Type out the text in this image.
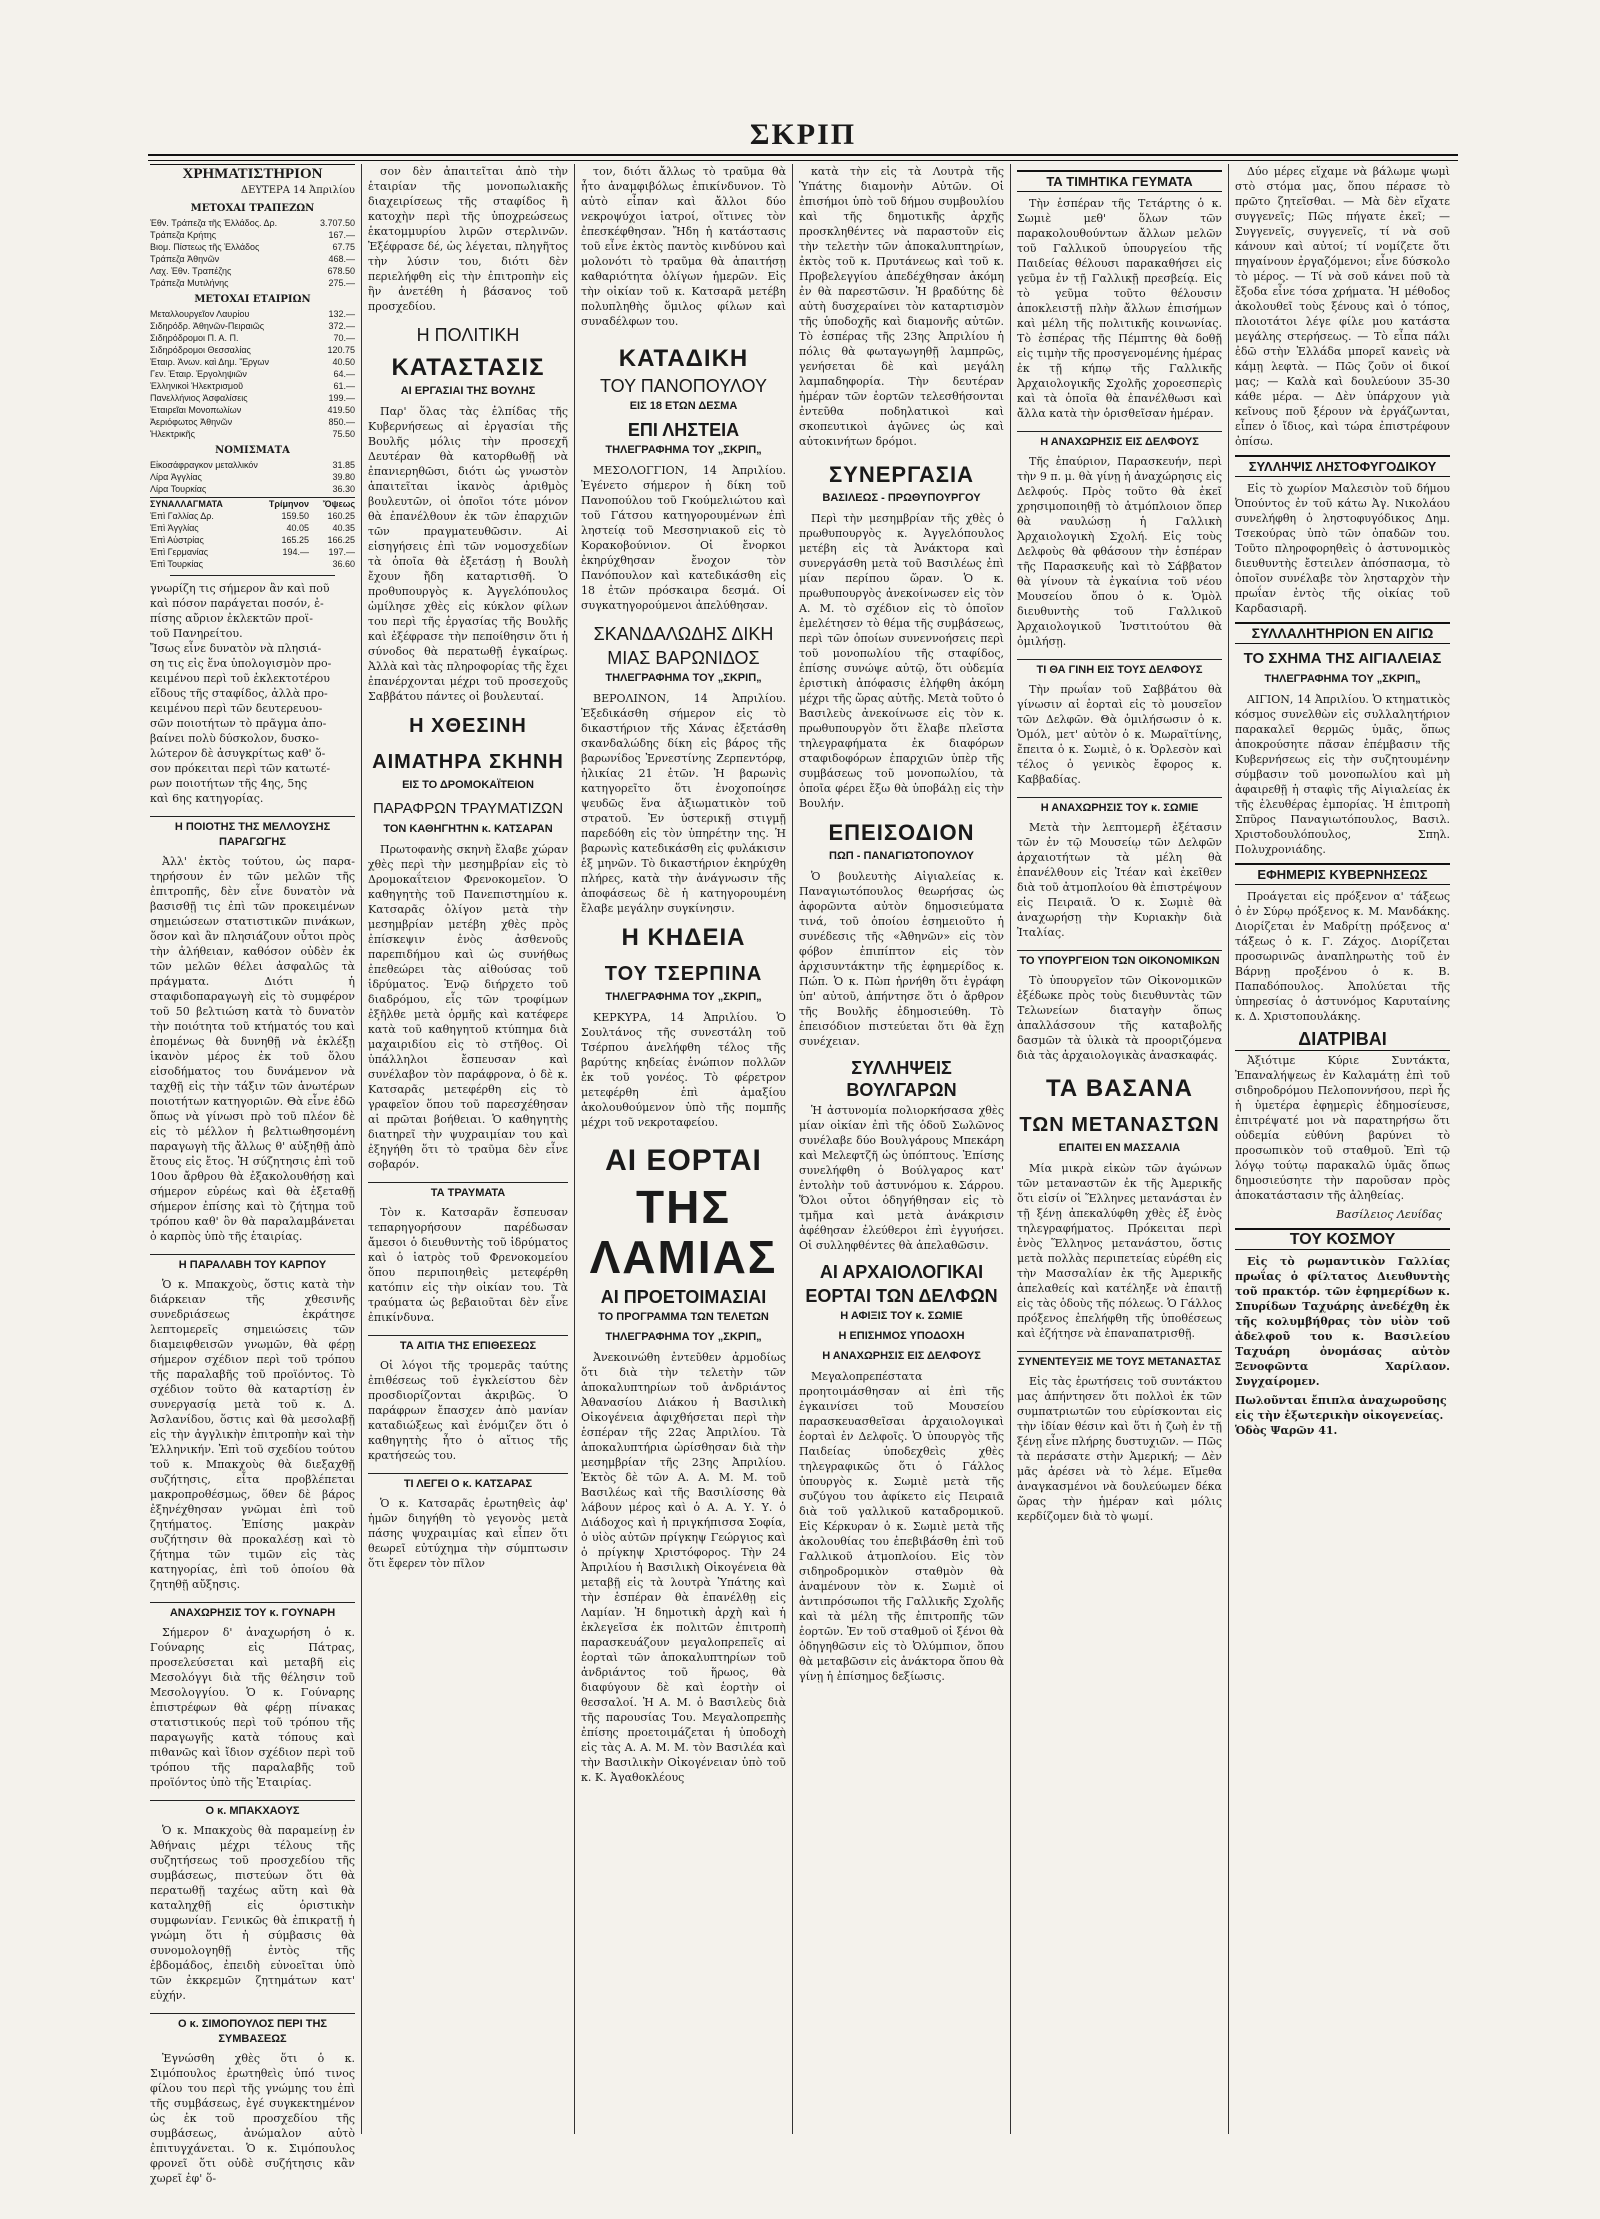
ΣΚΡΙΠ
ΧΡΗΜΑΤΙΣΤΗΡΙΟΝ
ΔΕΥΤΕΡΑ 14 Ἀπριλίου
ΜΕΤΟΧΑΙ ΤΡΑΠΕΖΩΝ
Ἐθν. Τράπεζα τῆς Ἑλλάδος. Δρ.	3.707.50
Τράπεζα Κρήτης	167.—
Βιομ. Πίστεως τῆς Ἑλλάδος	67.75
Τράπεζα Ἀθηνῶν	468.—
Λαχ. Ἐθν. Τραπέζης	678.50
Τράπεζα Μυτιλήνης	275.—
ΜΕΤΟΧΑΙ ΕΤΑΙΡΙΩΝ
Μεταλλουργεῖον Λαυρίου	132.—
Σιδηρόδρ. Ἀθηνῶν-Πειραιῶς	372.—
Σιδηρόδρομοι Π. Α. Π.	70.—
Σιδηρόδρομοι Θεσσαλίας	120.75
Ἑταιρ. Ἀνων. καὶ Δημ. Ἔργων	40.50
Γεν. Ἑταιρ. Ἐργοληψιῶν	64.—
Ἑλληνικοὶ Ἠλεκτρισμοῦ	61.—
Πανελλήνιος Ἀσφαλίσεις	199.—
Ἑταιρεῖαι Μονοπωλίων	419.50
Ἀεριόφωτος Ἀθηνῶν	850.—
Ἠλεκτρικῆς	75.50
ΝΟΜΙΣΜΑΤΑ
Εἰκοσάφραγκον μεταλλικόν	31.85
Λίρα Ἀγγλίας	39.80
Λίρα Τουρκίας	36.30
ΣΥΝΑΛΛΑΓΜΑΤΑ	Τρίμηνον	Ὄψεως
Ἐπὶ Γαλλίας Δρ.	159.50	160.25
Ἐπὶ Ἀγγλίας	40.05	40.35
Ἐπὶ Αὐστρίας	165.25	166.25
Ἐπὶ Γερμανίας	194.—	197.—
Ἐπὶ Τουρκίας	36.60
γνωρίζη τις σήμερον ἂν καὶ ποῦ
καὶ πόσον παράγεται ποσόν, ἐ-
πίσης αὔριον ἐκλεκτῶν προϊ-
τοῦ Πανηρείτου.
Ἴσως εἶνε δυνατὸν νὰ πλησιά-
ση τις εἰς ἕνα ὑπολογισμὸν προ-
κειμένου περὶ τοῦ ἐκλεκτοτέρου
εἴδους τῆς σταφίδος, ἀλλὰ προ-
κειμένου περὶ τῶν δευτερευου-
σῶν ποιοτήτων τὸ πρᾶγμα ἀπο-
βαίνει πολὺ δύσκολον, δυσκο-
λώτερον δὲ ἀσυγκρίτως καθ' ὅ-
σον πρόκειται περὶ τῶν κατωτέ-
ρων ποιοτήτων τῆς 4ης, 5ης
καὶ 6ης κατηγορίας.
Η ΠΟΙΟΤΗΣ ΤΗΣ ΜΕΛΛΟΥΣΗΣ ΠΑΡΑΓΩΓΗΣ

Ἀλλ' ἐκτὸς τούτου, ὡς παρα-τηρήσουν ἐν τῶν μελῶν τῆς ἐπιτροπῆς, δὲν εἶνε δυνατὸν νὰ βασισθῇ τις ἐπὶ τῶν προκειμένων σημειώσεων στατιστικῶν πινάκων, ὅσον καὶ ἂν πλησιάζουν οὗτοι πρὸς τὴν ἀλήθειαν, καθόσον οὐδὲν ἐκ τῶν μελῶν θέλει ἀσφαλῶς τὰ πράγματα. Διότι ἡ σταφιδοπαραγωγὴ εἰς τὸ συμφέρον τοῦ 50 βελτιώση κατὰ τὸ δυνατὸν τὴν ποιότητα τοῦ κτήματός του καὶ ἐπομένως θὰ δυνηθῇ νὰ ἐκλέξῃ ἱκανὸν μέρος ἐκ τοῦ ὅλου εἰσοδήματος του δυνάμενον νὰ ταχθῇ εἰς τὴν τάξιν τῶν ἀνωτέρων ποιοτήτων κατηγοριῶν. Θὰ εἶνε ἐδῶ ὅπως νὰ γίνωσι πρὸ τοῦ πλέον δὲ εἰς τὸ μέλλον ἡ βελτιωθησομένη παραγωγὴ τῆς ἄλλως θ' αὐξηθῇ ἀπὸ ἔτους εἰς ἔτος. Ἡ σύζητησις ἐπὶ τοῦ 10ου ἄρθρου θὰ ἐξακολουθήσῃ καὶ σήμερον εὐρέως καὶ θὰ ἐξεταθῇ σήμερον ἐπίσης καὶ τὸ ζήτημα τοῦ τρόπου καθ' ὃν θὰ παραλαμβάνεται ὁ καρπὸς ὑπὸ τῆς ἑταιρίας.

Η ΠΑΡΑΛΑΒΗ ΤΟΥ ΚΑΡΠΟΥ

Ὁ κ. Μπακχοὺς, ὅστις κατὰ τὴν διάρκειαν τῆς χθεσινῆς συνεδριάσεως ἐκράτησε λεπτομερεῖς σημειώσεις τῶν διαμειφθεισῶν γνωμῶν, θὰ φέρῃ σήμερον σχέδιον περὶ τοῦ τρόπου τῆς παραλαβῆς τοῦ προϊόντος. Τὸ σχέδιον τοῦτο θὰ καταρτίσῃ ἐν συνεργασίᾳ μετὰ τοῦ κ. Δ. Ἀσλανίδου, ὅστις καὶ θὰ μεσολαβῇ εἰς τὴν ἀγγλικὴν ἐπιτροπὴν καὶ τὴν Ἑλληνικήν. Ἐπὶ τοῦ σχεδίου τούτου τοῦ κ. Μπακχοὺς θὰ διεξαχθῇ συζήτησις, εἶτα προβλέπεται μακροπροθέσμως, ὅθεν δὲ βάρος ἐξηνέχθησαν γνῶμαι ἐπὶ τοῦ ζητήματος. Ἐπίσης μακρὰν συζήτησιν θὰ προκαλέσῃ καὶ τὸ ζήτημα τῶν τιμῶν εἰς τὰς κατηγορίας, ἐπὶ τοῦ ὁποίου θὰ ζητηθῇ αὔξησις.

ΑΝΑΧΩΡΗΣΙΣ ΤΟΥ κ. ΓΟΥΝΑΡΗ

Σήμερον δ' ἀναχωρήση ὁ κ. Γούναρης εἰς Πάτρας, προσελεύσεται καὶ μεταβῆ εἰς Μεσολόγγι διὰ τῆς θέλησιν τοῦ Μεσολογγίου. Ὁ κ. Γούναρης ἐπιστρέφων θὰ φέρῃ πίνακας στατιστικούς περὶ τοῦ τρόπου τῆς παραγωγῆς κατὰ τόπους καὶ πιθανῶς καὶ ἴδιον σχέδιον περὶ τοῦ τρόπου τῆς παραλαβῆς τοῦ προϊόντος ὑπὸ τῆς Ἑταιρίας.

Ο κ. ΜΠΑΚΧΑΟΥΣ

Ὁ κ. Μπακχοὺς θὰ παραμείνῃ ἐν Ἀθήναις μέχρι τέλους τῆς συζητήσεως τοῦ προσχεδίου τῆς συμβάσεως, πιστεύων ὅτι θὰ περατωθῇ ταχέως αὕτη καὶ θὰ καταληχθῇ εἰς ὁριστικὴν συμφωνίαν. Γενικῶς θὰ ἐπικρατῇ ἡ γνώμη ὅτι ἡ σύμβασις θὰ συνομολογηθῇ ἐντὸς τῆς ἑβδομάδος, ἐπειδὴ εὐνοεῖται ὑπὸ τῶν ἐκκρεμῶν ζητημάτων κατ' εὐχήν.

Ο κ. ΣΙΜΟΠΟΥΛΟΣ ΠΕΡΙ ΤΗΣ ΣΥΜΒΑΣΕΩΣ

Ἐγνώσθη χθὲς ὅτι ὁ κ. Σιμόπουλος ἐρωτηθεὶς ὑπό τινος φίλου του περὶ τῆς γνώμης του ἐπὶ τῆς συμβάσεως, ἐγέ συγκεκτημένον ὡς ἐκ τοῦ προσχεδίου τῆς συμβάσεως, ἀνώμαλον αὐτὸ ἐπιτυγχάνεται. Ὁ κ. Σιμόπουλος φρονεῖ ὅτι οὐδὲ συζήτησις κἂν χωρεῖ ἐφ' ὅ-

σον δὲν ἀπαιτεῖται ἀπὸ τὴν ἑταιρίαν τῆς μονοπωλιακῆς διαχειρίσεως τῆς σταφίδος ἢ κατοχὴν περὶ τῆς ὑποχρεώσεως ἑκατομμυρίου λιρῶν στερλινῶν. Ἐξέφρασε δέ, ὡς λέγεται, πληγῆτος τὴν λύσιν του, διότι δὲν περιελήφθη εἰς τὴν ἐπιτροπὴν εἰς ἣν ἀνετέθη ἡ βάσανος τοῦ προσχεδίου.

Η ΠΟΛΙΤΙΚΗ
ΚΑΤΑΣΤΑΣΙΣ
ΑΙ ΕΡΓΑΣΙΑΙ ΤΗΣ ΒΟΥΛΗΣ

Παρ' ὅλας τὰς ἐλπίδας τῆς Κυβερνήσεως αἱ ἐργασίαι τῆς Βουλῆς μόλις τὴν προσεχῆ Δευτέραν θὰ κατορθωθῇ νὰ ἐπανιερηθῶσι, διότι ὡς γνωστὸν ἀπαιτεῖται ἱκανὸς ἀριθμὸς βουλευτῶν, οἱ ὁποῖοι τότε μόνον θὰ ἐπανέλθουν ἐκ τῶν ἐπαρχιῶν τῶν πραγματευθῶσιν. Αἱ εἰσηγήσεις ἐπὶ τῶν νομοσχεδίων τὰ ὁποῖα θὰ ἐξετάσῃ ἡ Βουλὴ ἔχουν ἤδη καταρτισθῆ. Ὁ προθυπουργὸς κ. Ἀγγελόπουλος ὡμίλησε χθὲς εἰς κύκλον φίλων του περὶ τῆς ἐργασίας τῆς Βουλῆς καὶ ἐξέφρασε τὴν πεποίθησιν ὅτι ἡ σύνοδος θὰ περατωθῇ ἐγκαίρως. Ἀλλὰ καὶ τὰς πληροφορίας τῆς ἔχει ἐπανέρχονται μέχρι τοῦ προσεχοῦς Σαββάτου πάντες οἱ βουλευταί.

Η ΧΘΕΣΙΝΗ
ΑΙΜΑΤΗΡΑ ΣΚΗΝΗ
ΕΙΣ ΤΟ ΔΡΟΜΟΚΑΪΤΕΙΟΝ
ΠΑΡΑΦΡΩΝ ΤΡΑΥΜΑΤΙΖΩΝ
ΤΟΝ ΚΑΘΗΓΗΤΗΝ κ. ΚΑΤΣΑΡΑΝ

Πρωτοφανὴς σκηνὴ ἔλαβε χώραν χθὲς περὶ τὴν μεσημβρίαν εἰς τὸ Δρομοκαΐτειον Φρενοκομεῖον. Ὁ καθηγητὴς τοῦ Πανεπιστημίου κ. Κατσαρᾶς ὀλίγον μετὰ τὴν μεσημβρίαν μετέβη χθὲς πρὸς ἐπίσκεψιν ἑνὸς ἀσθενοῦς παρεπιδήμου καὶ ὡς συνήθως ἐπεθεώρει τὰς αἰθούσας τοῦ ἱδρύματος. Ἐνῷ διήρχετο τοῦ διαδρόμου, εἷς τῶν τροφίμων ἐξῆλθε μετὰ ὁρμῆς καὶ κατέφερε κατὰ τοῦ καθηγητοῦ κτύπημα διὰ μαχαιριδίου εἰς τὸ στῆθος. Οἱ ὑπάλληλοι ἔσπευσαν καὶ συνέλαβον τὸν παράφρονα, ὁ δὲ κ. Κατσαρᾶς μετεφέρθη εἰς τὸ γραφεῖον ὅπου τοῦ παρεσχέθησαν αἱ πρῶται βοήθειαι. Ὁ καθηγητὴς διατηρεῖ τὴν ψυχραιμίαν του καὶ ἐξηγήθη ὅτι τὸ τραῦμα δὲν εἶνε σοβαρόν.

ΤΑ ΤΡΑΥΜΑΤΑ

Τὸν κ. Κατσαρᾶν ἔσπευσαν τεπαρηγορήσουν παρέδωσαν ἄμεσοι ὁ διευθυντὴς τοῦ ἱδρύματος καὶ ὁ ἰατρὸς τοῦ Φρενοκομείου ὅπου περιποιηθεὶς μετεφέρθη κατόπιν εἰς τὴν οἰκίαν του. Τὰ τραύματα ὡς βεβαιοῦται δὲν εἶνε ἐπικίνδυνα.

ΤΑ ΑΙΤΙΑ ΤΗΣ ΕΠΙΘΕΣΕΩΣ

Οἱ λόγοι τῆς τρομερᾶς ταύτης ἐπιθέσεως τοῦ ἐγκλείστου δὲν προσδιορίζονται ἀκριβῶς. Ὁ παράφρων ἔπασχεν ἀπὸ μανίαν καταδιώξεως καὶ ἐνόμιζεν ὅτι ὁ καθηγητὴς ἦτο ὁ αἴτιος τῆς κρατήσεώς του.

ΤΙ ΛΕΓΕΙ Ο κ. ΚΑΤΣΑΡΑΣ

Ὁ κ. Κατσαρᾶς ἐρωτηθεὶς ἀφ' ἡμῶν διηγήθη τὸ γεγονὸς μετὰ πάσης ψυχραιμίας καὶ εἶπεν ὅτι θεωρεῖ εὐτύχημα τὴν σύμπτωσιν ὅτι ἔφερεν τὸν πῖλον

τον, διότι ἄλλως τὸ τραῦμα θὰ ἦτο ἀναμφιβόλως ἐπικίνδυνον. Τὸ αὐτὸ εἶπαν καὶ ἄλλοι δύο νεκροψύχοι ἰατροί, οἵτινες τὸν ἐπεσκέφθησαν. Ἤδη ἡ κατάστασις τοῦ εἶνε ἐκτὸς παντὸς κινδύνου καὶ μολονότι τὸ τραῦμα θὰ ἀπαιτήσῃ καθαριότητα ὀλίγων ἡμερῶν. Εἰς τὴν οἰκίαν τοῦ κ. Κατσαρᾶ μετέβη πολυπληθὴς ὅμιλος φίλων καὶ συναδέλφων του.

ΚΑΤΑΔΙΚΗ
ΤΟΥ ΠΑΝΟΠΟΥΛΟΥ
ΕΙΣ 18 ΕΤΩΝ ΔΕΣΜΑ
ΕΠΙ ΛΗΣΤΕΙΑ
ΤΗΛΕΓΡΑΦΗΜΑ ΤΟΥ „ΣΚΡΙΠ„

ΜΕΣΟΛΟΓΓΙΟΝ, 14 Ἀπριλίου. Ἐγένετο σήμερον ἡ δίκη τοῦ Πανοπούλου τοῦ Γκούμελιώτου καὶ τοῦ Γάτσου κατηγορουμένων ἐπὶ ληστείᾳ τοῦ Μεσσηνιακοῦ εἰς τὸ Κορακοβούνιον. Οἱ ἔνορκοι ἐκηρύχθησαν ἔνοχον τὸν Πανόπουλον καὶ κατεδικάσθη εἰς 18 ἐτῶν πρόσκαιρα δεσμά. Οἱ συγκατηγορούμενοι ἀπελύθησαν.

ΣΚΑΝΔΑΛΩΔΗΣ ΔΙΚΗ
ΜΙΑΣ ΒΑΡΩΝΙΔΟΣ
ΤΗΛΕΓΡΑΦΗΜΑ ΤΟΥ „ΣΚΡΙΠ„

ΒΕΡΟΛΙΝΟΝ, 14 Ἀπριλίου. Ἐξεδικάσθη σήμερον εἰς τὸ δικαστήριον τῆς Χάνας ἐξετάσθη σκανδαλώδης δίκη εἰς βάρος τῆς βαρωνίδος Ἐρνεστίνης Ζερπεντόρφ, ἡλικίας 21 ἐτῶν. Ἡ βαρωνὶς κατηγορεῖτο ὅτι ἐνοχοποίησε ψευδῶς ἕνα ἀξιωματικὸν τοῦ στρατοῦ. Ἐν ὑστερικῇ στιγμῇ παρεδόθη εἰς τὸν ὑπηρέτην της. Ἡ βαρωνὶς κατεδικάσθη εἰς φυλάκισιν ἑξ μηνῶν. Τὸ δικαστήριον ἐκηρύχθη πλήρες, κατὰ τὴν ἀνάγνωσιν τῆς ἀποφάσεως δὲ ἡ κατηγορουμένη ἔλαβε μεγάλην συγκίνησιν.

Η ΚΗΔΕΙΑ
ΤΟΥ ΤΣΕΡΠΙΝΑ
ΤΗΛΕΓΡΑΦΗΜΑ ΤΟΥ „ΣΚΡΙΠ„

ΚΕΡΚΥΡΑ, 14 Ἀπριλίου. Ὁ Σουλτάνος τῆς συνεστάλη τοῦ Τσέρπου ἀνελήφθη τέλος τῆς βαρύτης κηδείας ἑνώπιον πολλῶν ἐκ τοῦ γονέος. Τὸ φέρετρον μετεφέρθη ἐπὶ ἀμαξίου ἀκολουθούμενον ὑπὸ τῆς πομπῆς μέχρι τοῦ νεκροταφείου.

ΑΙ ΕΟΡΤΑΙ
ΤΗΣ ΛΑΜΙΑΣ
ΑΙ ΠΡΟΕΤΟΙΜΑΣΙΑΙ
ΤΟ ΠΡΟΓΡΑΜΜΑ ΤΩΝ ΤΕΛΕΤΩΝ
ΤΗΛΕΓΡΑΦΗΜΑ ΤΟΥ „ΣΚΡΙΠ„

Ἀνεκοινώθη ἐντεῦθεν ἀρμοδίως ὅτι διὰ τὴν τελετὴν τῶν ἀποκαλυπτηρίων τοῦ ἀνδριάντος Ἀθανασίου Διάκου ἡ Βασιλικὴ Οἰκογένεια ἀφιχθήσεται περὶ τὴν ἑσπέραν τῆς 22ας Ἀπριλίου. Τὰ ἀποκαλυπτήρια ὡρίσθησαν διὰ τὴν μεσημβρίαν τῆς 23ης Ἀπριλίου. Ἐκτὸς δὲ τῶν Α. Α. Μ. Μ. τοῦ Βασιλέως καὶ τῆς Βασιλίσσης θὰ λάβουν μέρος καὶ ὁ Α. Α. Υ. Υ. ὁ Διάδοχος καὶ ἡ πριγκήπισσα Σοφία, ὁ υἱὸς αὐτῶν πρίγκηψ Γεώργιος καὶ ὁ πρίγκηψ Χριστόφορος. Τὴν 24 Ἀπριλίου ἡ Βασιλικὴ Οἰκογένεια θὰ μεταβῇ εἰς τὰ λουτρὰ Ὑπάτης καὶ τὴν ἑσπέραν θὰ ἐπανέλθῃ εἰς Λαμίαν. Ἡ δημοτικὴ ἀρχὴ καὶ ἡ ἐκλεγεῖσα ἐκ πολιτῶν ἐπιτροπὴ παρασκευάζουν μεγαλοπρεπεῖς αἱ ἑορταὶ τῶν ἀποκαλυπτηρίων τοῦ ἀνδριάντος τοῦ ἥρωος, θὰ διαφύγουν δὲ καὶ ἑορτὴν οἱ θεσσαλοί. Ἡ Α. Μ. ὁ Βασιλεὺς διὰ τῆς παρουσίας Του. Μεγαλοπρεπὴς ἐπίσης προετοιμάζεται ἡ ὑποδοχὴ εἰς τὰς Α. Α. Μ. Μ. τὸν Βασιλέα καὶ τὴν Βασιλικὴν Οἰκογένειαν ὑπὸ τοῦ κ. Κ. Ἀγαθοκλέους

κατὰ τὴν εἰς τὰ Λουτρὰ τῆς Ὑπάτης διαμονὴν Αὐτῶν. Οἱ ἐπισήμοι ὑπὸ τοῦ δήμου συμβουλίου καὶ τῆς δημοτικῆς ἀρχῆς προσκληθέντες νὰ παραστοῦν εἰς τὴν τελετὴν τῶν ἀποκαλυπτηρίων, ἐκτὸς τοῦ κ. Πρυτάνεως καὶ τοῦ κ. Προβελεγγίου ἀπεδέχθησαν ἀκόμη ἐν θὰ παρεστῶσιν. Ἡ βραδύτης δὲ αὐτὴ δυσχεραίνει τὸν καταρτισμὸν τῆς ὑποδοχῆς καὶ διαμονῆς αὐτῶν. Τὸ ἑσπέρας τῆς 23ης Ἀπριλίου ἡ πόλις θὰ φωταγωγηθῇ λαμπρῶς, γενήσεται δὲ καὶ μεγάλη λαμπαδηφορία. Τὴν δευτέραν ἡμέραν τῶν ἑορτῶν τελεσθήσονται ἐντεῦθα ποδηλατικοὶ καὶ σκοπευτικοὶ ἀγῶνες ὡς καὶ αὐτοκινήτων δρόμοι.

ΣΥΝΕΡΓΑΣΙΑ
ΒΑΣΙΛΕΩΣ - ΠΡΩΘΥΠΟΥΡΓΟΥ

Περὶ τὴν μεσημβρίαν τῆς χθὲς ὁ πρωθυπουργὸς κ. Ἀγγελόπουλος μετέβη εἰς τὰ Ἀνάκτορα καὶ συνεργάσθη μετὰ τοῦ Βασιλέως ἐπὶ μίαν περίπου ὥραν. Ὁ κ. πρωθυπουργὸς ἀνεκοίνωσεν εἰς τὸν Α. Μ. τὸ σχέδιον εἰς τὸ ὁποῖον ἐμελέτησεν τὸ θέμα τῆς συμβάσεως, περὶ τῶν ὁποίων συνεννοήσεις περὶ τοῦ μονοπωλίου τῆς σταφίδος, ἐπίσης συνώψε αὐτῷ, ὅτι οὐδεμία ἐριστικὴ ἀπόφασις ἐλήφθη ἀκόμη μέχρι τῆς ὥρας αὐτῆς. Μετὰ τοῦτο ὁ Βασιλεὺς ἀνεκοίνωσε εἰς τὸν κ. πρωθυπουργὸν ὅτι ἔλαβε πλεῖστα τηλεγραφήματα ἐκ διαφόρων σταφιδοφόρων ἐπαρχιῶν ὑπὲρ τῆς συμβάσεως τοῦ μονοπωλίου, τὰ ὁποῖα φέρει ἔξω θὰ ὑποβάλῃ εἰς τὴν Βουλήν.

ΕΠΕΙΣΟΔΙΟΝ
ΠΩΠ - ΠΑΝΑΓΙΩΤΟΠΟΥΛΟΥ

Ὁ βουλευτὴς Αἰγιαλείας κ. Παναγιωτόπουλος θεωρήσας ὡς ἀφορῶντα αὐτὸν δημοσιεύματα τινά, τοῦ ὁποίου ἐσημειοῦτο ἡ συνέδεσις τῆς «Ἀθηνῶν» εἰς τὸν φόβον ἐπιπίπτον εἰς τὸν ἀρχισυντάκτην τῆς ἐφημερίδος κ. Πώπ. Ὁ κ. Πὼπ ἠρνήθη ὅτι ἐγράφη ὑπ' αὐτοῦ, ἀπήντησε ὅτι ὁ ἄρθρον τῆς Βουλῆς ἐδημοσιεύθη. Τὸ ἐπεισόδιον πιστεύεται ὅτι θὰ ἔχῃ συνέχειαν.

ΣΥΛΛΗΨΕΙΣ ΒΟΥΛΓΑΡΩΝ

Ἡ ἀστυνομία πολιορκήσασα χθὲς μίαν οἰκίαν ἐπὶ τῆς ὁδοῦ Σωλῶνος συνέλαβε δύο Βουλγάρους Μπεκάρη καὶ Μελεφτζῆ ὡς ὑπόπτους. Ἐπίσης συνελήφθη ὁ Βούλγαρος κατ' ἐντολὴν τοῦ ἀστυνόμου κ. Σάρρου. Ὅλοι οὗτοι ὁδηγήθησαν εἰς τὸ τμῆμα καὶ μετὰ ἀνάκρισιν ἀφέθησαν ἐλεύθεροι ἐπὶ ἐγγυήσει. Οἱ συλληφθέντες θὰ ἀπελαθῶσιν.

ΑΙ ΑΡΧΑΙΟΛΟΓΙΚΑΙ
ΕΟΡΤΑΙ ΤΩΝ ΔΕΛΦΩΝ
Η ΑΦΙΞΙΣ ΤΟΥ κ. ΣΩΜΙΕ
Η ΕΠΙΣΗΜΟΣ ΥΠΟΔΟΧΗ
Η ΑΝΑΧΩΡΗΣΙΣ ΕΙΣ ΔΕΛΦΟΥΣ

Μεγαλοπρεπέστατα προητοιμάσθησαν αἱ ἐπὶ τῆς ἐγκαινίσει τοῦ Μουσείου παρασκευασθεῖσαι ἀρχαιολογικαὶ ἑορταὶ ἐν Δελφοῖς. Ὁ ὑπουργὸς τῆς Παιδείας ὑποδεχθεὶς χθὲς τηλεγραφικῶς ὅτι ὁ Γάλλος ὑπουργὸς κ. Σωμιὲ μετὰ τῆς συζύγου του ἀφίκετο εἰς Πειραιᾶ διὰ τοῦ γαλλικοῦ καταδρομικοῦ. Εἰς Κέρκυραν ὁ κ. Σωμιὲ μετὰ τῆς ἀκολουθίας του ἐπεβιβάσθη ἐπὶ τοῦ Γαλλικοῦ ἀτμοπλοίου. Εἰς τὸν σιδηροδρομικὸν σταθμὸν θὰ ἀναμένουν τὸν κ. Σωμιὲ οἱ ἀντιπρόσωποι τῆς Γαλλικῆς Σχολῆς καὶ τὰ μέλη τῆς ἐπιτροπῆς τῶν ἑορτῶν. Ἐν τοῦ σταθμοῦ οἱ ξένοι θὰ ὁδηγηθῶσιν εἰς τὸ Ὀλύμπιον, ὅπου θὰ μεταβῶσιν εἰς ἀνάκτορα ὅπου θὰ γίνῃ ἡ ἐπίσημος δεξίωσις.

ΤΑ ΤΙΜΗΤΙΚΑ ΓΕΥΜΑΤΑ

Τὴν ἑσπέραν τῆς Τετάρτης ὁ κ. Σωμιὲ μεθ' ὅλων τῶν παρακολουθούντων ἄλλων μελῶν τοῦ Γαλλικοῦ ὑπουργείου τῆς Παιδείας θέλουσι παρακαθήσει εἰς γεῦμα ἐν τῇ Γαλλικῇ πρεσβείᾳ. Εἰς τὸ γεῦμα τοῦτο θέλουσιν ἀποκλειστῇ πλὴν ἄλλων ἐπισήμων καὶ μέλη τῆς πολιτικῆς κοινωνίας. Τὸ ἑσπέρας τῆς Πέμπτης θὰ δοθῇ εἰς τιμὴν τῆς προσγενομένης ἡμέρας ἐκ τῇ κήπῳ τῆς Γαλλικῆς Ἀρχαιολογικῆς Σχολῆς χοροεσπερὶς καὶ τὰ ὁποῖα θὰ ἐπανέλθωσι καὶ ἄλλα κατὰ τὴν ὁρισθεῖσαν ἡμέραν.

Η ΑΝΑΧΩΡΗΣΙΣ ΕΙΣ ΔΕΛΦΟΥΣ

Τῆς ἐπαύριον, Παρασκευήν, περὶ τὴν 9 π. μ. θὰ γίνῃ ἡ ἀναχώρησις εἰς Δελφούς. Πρὸς τοῦτο θὰ ἐκεῖ χρησιμοποιηθῇ τὸ ἀτμόπλοιον ὅπερ θὰ ναυλώσῃ ἡ Γαλλικὴ Ἀρχαιολογικὴ Σχολή. Εἰς τοὺς Δελφοὺς θὰ φθάσουν τὴν ἑσπέραν τῆς Παρασκευῆς καὶ τὸ Σάββατον θὰ γίνουν τὰ ἐγκαίνια τοῦ νέου Μουσείου ὅπου ὁ κ. Ὁμὸλ διευθυντὴς τοῦ Γαλλικοῦ Ἀρχαιολογικοῦ Ἰνστιτούτου θὰ ὁμιλήσῃ.

ΤΙ ΘΑ ΓΙΝΗ ΕΙΣ ΤΟΥΣ ΔΕΛΦΟΥΣ

Τὴν πρωΐαν τοῦ Σαββάτου θὰ γίνωσιν αἱ ἑορταὶ εἰς τὸ μουσεῖον τῶν Δελφῶν. Θὰ ὁμιλήσωσιν ὁ κ. Ὁμόλ, μετ' αὐτὸν ὁ κ. Μωραϊτίνης, ἔπειτα ὁ κ. Σωμιὲ, ὁ κ. Ὀρλεσὸν καὶ τέλος ὁ γενικὸς ἔφορος κ. Καββαδίας.

Η ΑΝΑΧΩΡΗΣΙΣ ΤΟΥ κ. ΣΩΜΙΕ

Μετὰ τὴν λεπτομερῆ ἐξέτασιν τῶν ἐν τῷ Μουσείῳ τῶν Δελφῶν ἀρχαιοτήτων τὰ μέλη θὰ ἐπανέλθουν εἰς Ἰτέαν καὶ ἐκεῖθεν διὰ τοῦ ἀτμοπλοίου θὰ ἐπιστρέψουν εἰς Πειραιᾶ. Ὁ κ. Σωμιὲ θὰ ἀναχωρήσῃ τὴν Κυριακὴν διὰ Ἰταλίας.

ΤΟ ΥΠΟΥΡΓΕΙΟΝ ΤΩΝ ΟΙΚΟΝΟΜΙΚΩΝ

Τὸ ὑπουργεῖον τῶν Οἰκονομικῶν ἐξέδωκε πρὸς τοὺς διευθυντὰς τῶν Τελωνείων διαταγὴν ὅπως ἀπαλλάσσουν τῆς καταβολῆς δασμῶν τὰ ὑλικὰ τὰ προοριζόμενα διὰ τὰς ἀρχαιολογικὰς ἀνασκαφάς.

ΤΑ ΒΑΣΑΝΑ
ΤΩΝ ΜΕΤΑΝΑΣΤΩΝ
ΕΠΑΙΤΕΙ ΕΝ ΜΑΣΣΑΛΙΑ

Μία μικρὰ εἰκὼν τῶν ἀγώνων τῶν μεταναστῶν ἐκ τῆς Ἀμερικῆς ὅτι εἰσίν οἱ Ἕλληνες μετανάσται ἐν τῇ ξένῃ ἀπεκαλύφθη χθὲς ἐξ ἑνὸς τηλεγραφήματος. Πρόκειται περὶ ἑνὸς Ἕλληνος μετανάστου, ὅστις μετὰ πολλὰς περιπετείας εὑρέθη εἰς τὴν Μασσαλίαν ἐκ τῆς Ἀμερικῆς ἀπελαθείς καὶ κατέληξε νὰ ἐπαιτῇ εἰς τὰς ὁδοὺς τῆς πόλεως. Ὁ Γάλλος πρόξενος ἐπελήφθη τῆς ὑποθέσεως καὶ ἐζήτησε νὰ ἐπαναπατρισθῇ.

ΣΥΝΕΝΤΕΥΞΙΣ ΜΕ ΤΟΥΣ ΜΕΤΑΝΑΣΤΑΣ

Εἰς τὰς ἐρωτήσεις τοῦ συντάκτου μας ἀπήντησεν ὅτι πολλοὶ ἐκ τῶν συμπατριωτῶν του εὑρίσκονται εἰς τὴν ἰδίαν θέσιν καὶ ὅτι ἡ ζωὴ ἐν τῇ ξένῃ εἶνε πλήρης δυστυχιῶν. — Πῶς τὰ περάσατε στὴν Ἀμερική; — Δὲν μᾶς ἀρέσει νὰ τὸ λέμε. Εἴμεθα ἀναγκασμένοι νὰ δουλεύωμεν δέκα ὥρας τὴν ἡμέραν καὶ μόλις κερδίζομεν διὰ τὸ ψωμί.

Δύο μέρες εἴχαμε νὰ βάλωμε ψωμὶ στὸ στόμα μας, ὅπου πέρασε τὸ πρῶτο ζητεῖσθαι. — Μὰ δὲν εἴχατε συγγενεῖς; Πῶς πήγατε ἐκεῖ; — Συγγενεῖς, συγγενεῖς, τί νὰ σοῦ κάνουν καὶ αὐτοί; τί νομίζετε ὅτι πηγαίνουν ἐργαζόμενοι; εἶνε δύσκολο τὸ μέρος. — Τί νὰ σοῦ κάνει ποῦ τὰ ἔξοδα εἶνε τόσα χρήματα. Ἡ μέθοδος ἀκολουθεῖ τοὺς ξένους καὶ ὁ τόπος, πλοιοτάτοι λέγε φίλε μου κατάστα μεγάλης στερήσεως. — Τὸ εἶπα πάλι ἐδῶ στὴν Ἑλλάδα μπορεῖ κανεὶς νὰ κάμῃ λεφτὰ. — Πῶς ζοῦν οἱ δικοί μας; — Καλὰ καὶ δουλεύουν 35-30 κάθε μέρα. — Δὲν ὑπάρχουν γιὰ κεῖνους ποῦ ξέρουν νὰ ἐργάζωνται, εἶπεν ὁ ἴδιος, καὶ τώρα ἐπιστρέφουν ὀπίσω.

ΣΥΛΛΗΨΙΣ ΛΗΣΤΟΦΥΓΟΔΙΚΟΥ

Εἰς τὸ χωρίον Μαλεσιὸν τοῦ δήμου Ὀπούντος ἐν τοῦ κάτω Ἀγ. Νικολάου συνελήφθη ὁ ληστοφυγόδικος Δημ. Τσεκούρας ὑπὸ τῶν ὀπαδῶν του. Τοῦτο πληροφορηθεὶς ὁ ἀστυνομικὸς διευθυντὴς ἔστειλεν ἀπόσπασμα, τὸ ὁποῖον συνέλαβε τὸν λησταρχὸν τὴν πρωΐαν ἐντὸς τῆς οἰκίας τοῦ Καρδασιαρῆ.

ΣΥΛΛΑΛΗΤΗΡΙΟΝ ΕΝ ΑΙΓΙΩ
ΤΟ ΣΧΗΜΑ ΤΗΣ ΑΙΓΙΑΛΕΙΑΣ
ΤΗΛΕΓΡΑΦΗΜΑ ΤΟΥ „ΣΚΡΙΠ„

ΑΙΓΙΟΝ, 14 Ἀπριλίου. Ὁ κτηματικὸς κόσμος συνελθὼν εἰς συλλαλητήριον παρακαλεῖ θερμῶς ὑμᾶς, ὅπως ἀποκρούσητε πᾶσαν ἐπέμβασιν τῆς Κυβερνήσεως εἰς τὴν συζητουμένην σύμβασιν τοῦ μονοπωλίου καὶ μὴ ἀφαιρεθῇ ἡ σταφὶς τῆς Αἰγιαλείας ἐκ τῆς ἐλευθέρας ἐμπορίας. Ἡ ἐπιτροπὴ Σπῦρος Παναγιωτόπουλος, Βασιλ. Χριστοδουλόπουλος, Σπηλ. Πολυχρονιάδης.

ΕΦΗΜΕΡΙΣ ΚΥΒΕΡΝΗΣΕΩΣ

Προάγεται εἰς πρόξενον α' τάξεως ὁ ἐν Σύρῳ πρόξενος κ. Μ. Μανδάκης. Διορίζεται ἐν Μαδρίτῃ πρόξενος α' τάξεως ὁ κ. Γ. Ζάχος. Διορίζεται προσωρινῶς ἀναπληρωτὴς τοῦ ἐν Βάρνῃ προξένου ὁ κ. Β. Παπαδόπουλος. Ἀπολύεται τῆς ὑπηρεσίας ὁ ἀστυνόμος Καρυταίνης κ. Δ. Χριστοπουλάκης.

ΔΙΑΤΡΙΒΑΙ

Ἀξιότιμε Κύριε Συντάκτα, Ἐπαναλήψεως ἐν Καλαμάτῃ ἐπὶ τοῦ σιδηροδρόμου Πελοποννήσου, περὶ ἧς ἡ ὑμετέρα ἐφημερὶς ἐδημοσίευσε, ἐπιτρέψατέ μοι νὰ παρατηρήσω ὅτι οὐδεμία εὐθύνη βαρύνει τὸ προσωπικὸν τοῦ σταθμοῦ. Ἐπὶ τῷ λόγῳ τούτῳ παρακαλῶ ὑμᾶς ὅπως δημοσιεύσητε τὴν παροῦσαν πρὸς ἀποκατάστασιν τῆς ἀληθείας.

Βασίλειος Λευίδας
ΤΟΥ ΚΟΣΜΟΥ

Εἰς τὸ ρωμαντικὸν Γαλλίας πρωΐας ὁ φίλτατος Διευθυντὴς τοῦ πρακτόρ. τῶν ἐφημερίδων κ. Σπυρίδων Ταχυάρης ἀνεδέχθη ἐκ τῆς κολυμβήθρας τὸν υἱὸν τοῦ ἀδελφοῦ του κ. Βασιλείου Ταχυάρη ὀνομάσας αὐτὸν Ξενοφῶντα Χαρίλαον. Συγχαίρομεν.

Πωλοῦνται ἔπιπλα ἀναχωροῦσης εἰς τὴν ἐξωτερικὴν οἰκογενείας. Ὁδὸς Ψαρῶν 41.
